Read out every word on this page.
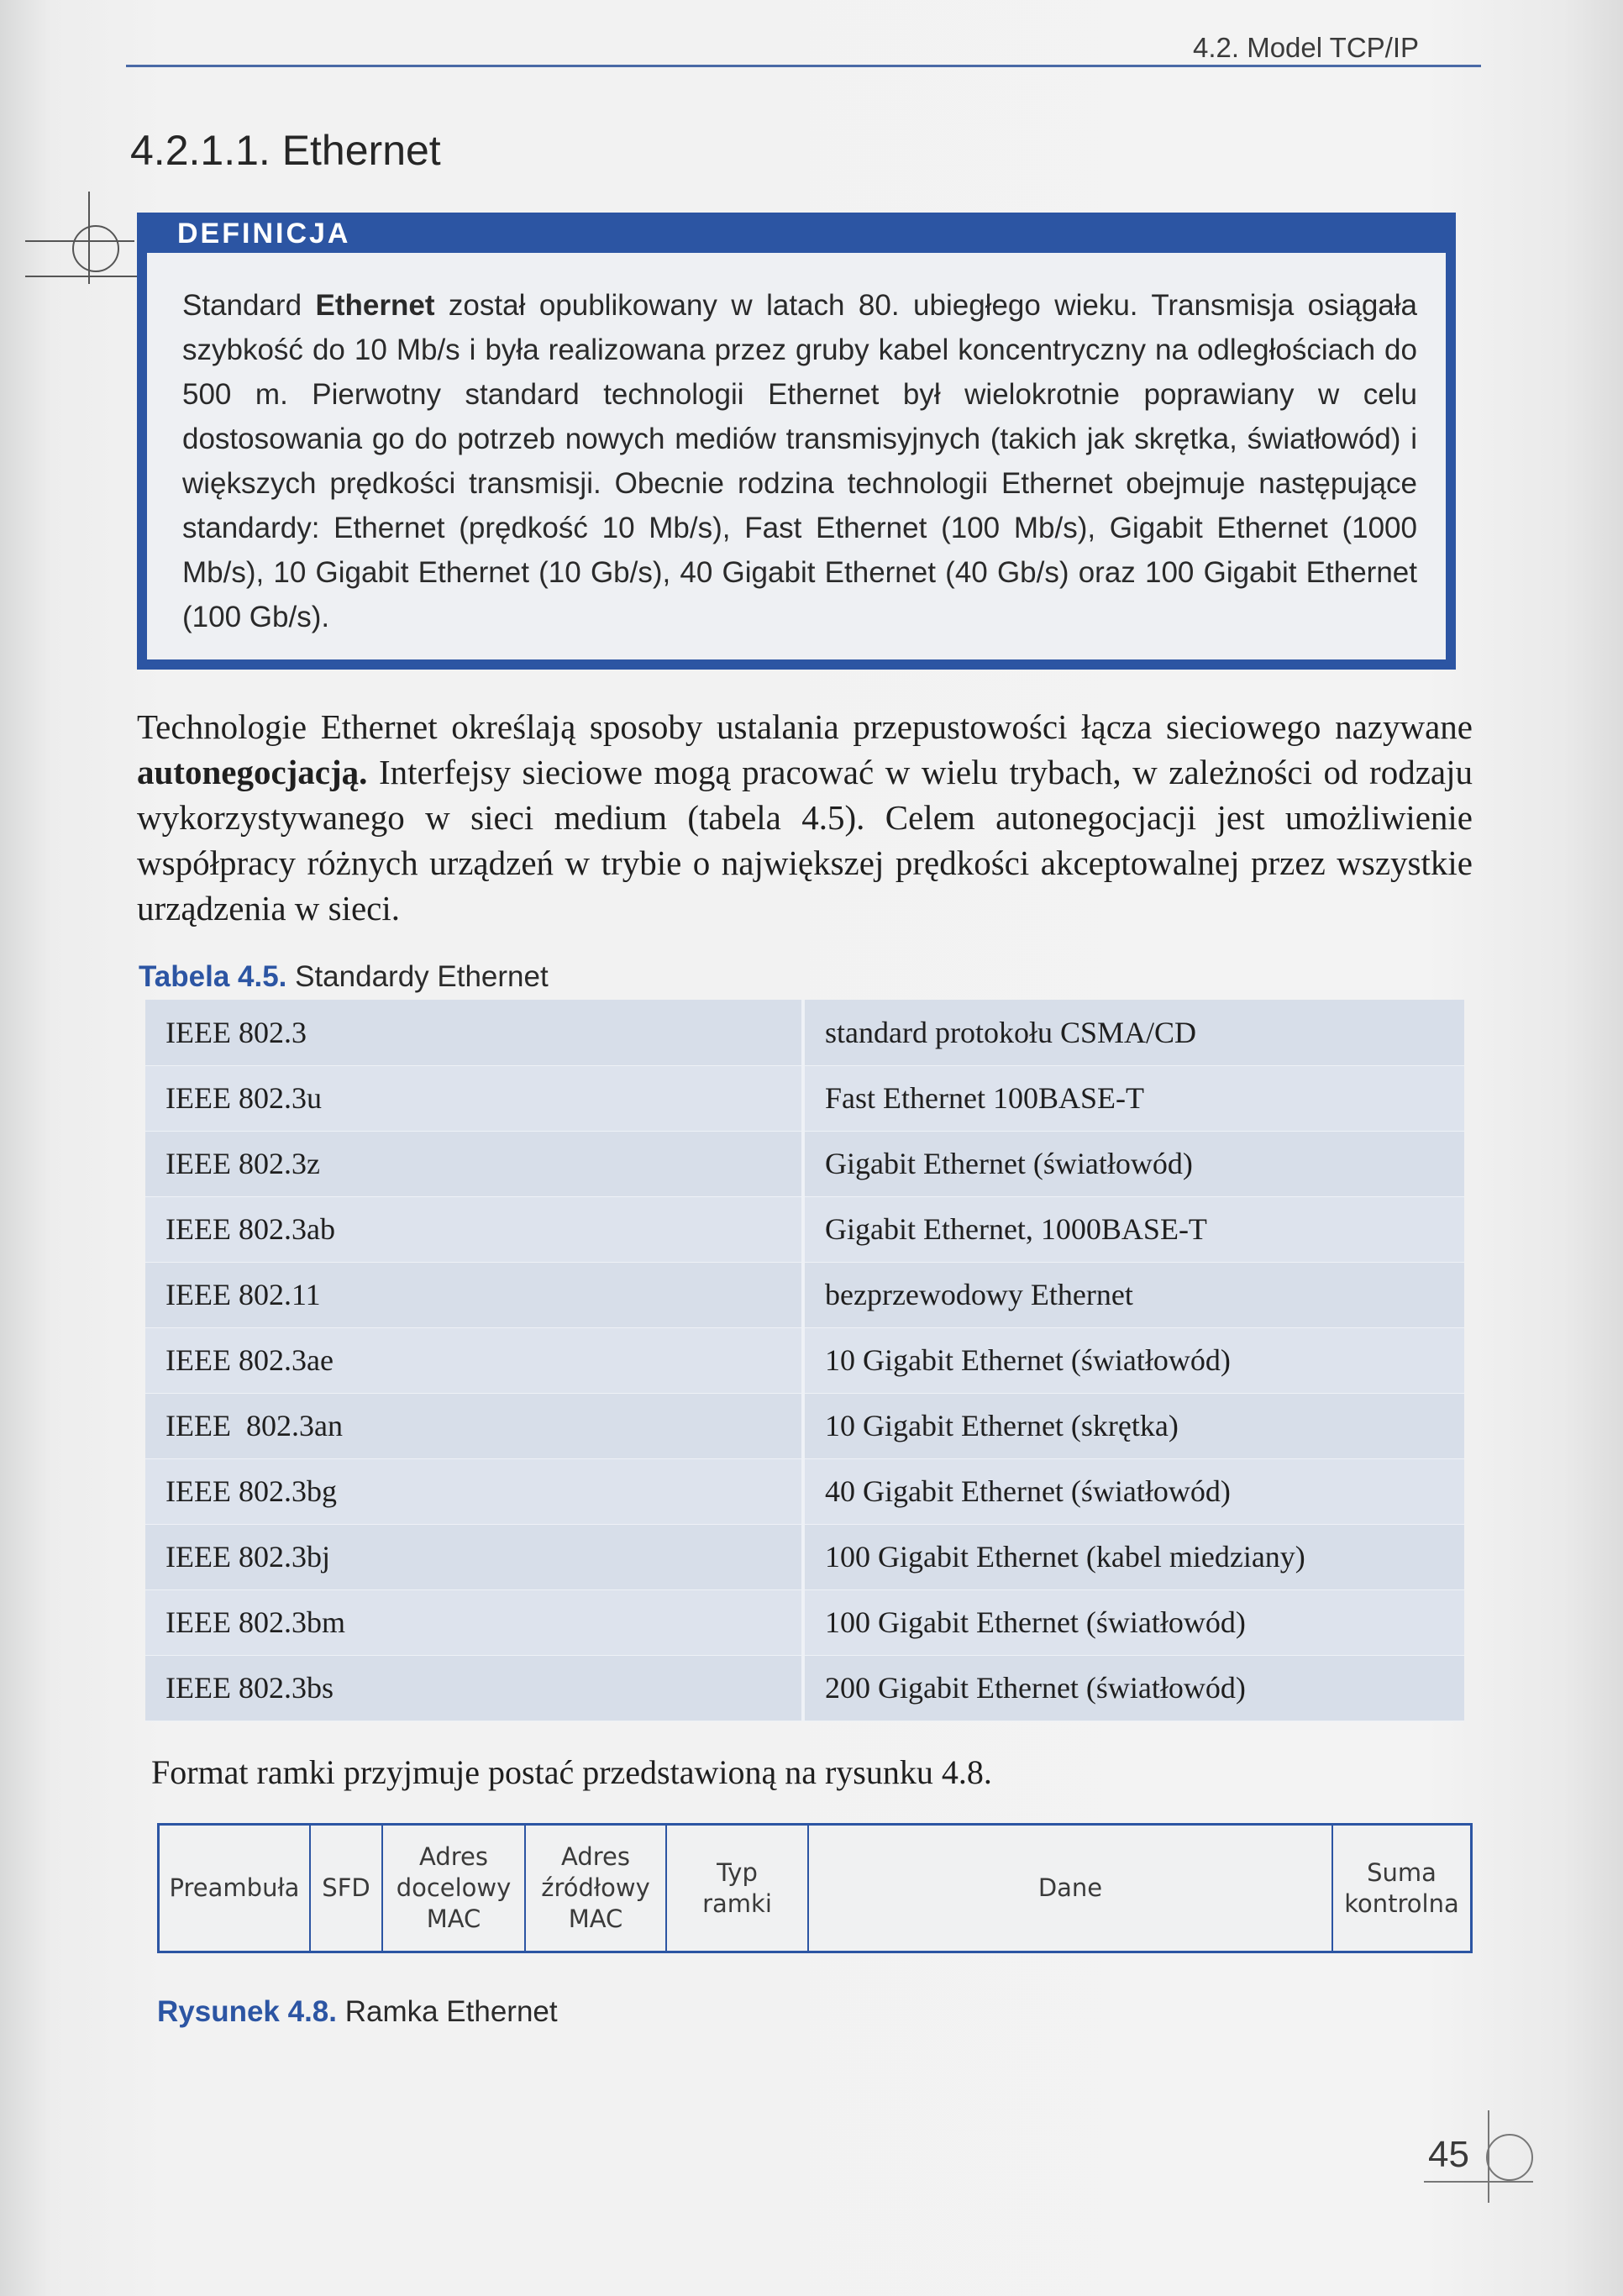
4.2. Model TCP/IP
4.2.1.1. Ethernet
DEFINICJA
Standard Ethernet został opublikowany w latach 80. ubiegłego wieku. Transmisja osiągała szybkość do 10 Mb/s i była realizowana przez gruby kabel koncentryczny na odległościach do 500 m. Pierwotny standard technologii Ethernet był wielokrotnie poprawiany w celu dostosowania go do potrzeb nowych mediów transmisyjnych (takich jak skrętka, światłowód) i większych prędkości transmisji. Obecnie rodzina technologii Ethernet obejmuje następujące standardy: Ethernet (prędkość 10 Mb/s), Fast Ethernet (100 Mb/s), Gigabit Ethernet (1000 Mb/s), 10 Gigabit Ethernet (10 Gb/s), 40 Gigabit Ethernet (40 Gb/s) oraz 100 Gigabit Ethernet (100 Gb/s).
Technologie Ethernet określają sposoby ustalania przepustowości łącza sieciowego nazywane autonegocjacją. Interfejsy sieciowe mogą pracować w wielu trybach, w zależności od rodzaju wykorzystywanego w sieci medium (tabela 4.5). Celem autonegocjacji jest umożliwienie współpracy różnych urządzeń w trybie o największej prędkości akceptowalnej przez wszystkie urządzenia w sieci.
Tabela 4.5. Standardy Ethernet
IEEE 802.3	standard protokołu CSMA/CD
IEEE 802.3u	Fast Ethernet 100BASE-T
IEEE 802.3z	Gigabit Ethernet (światłowód)
IEEE 802.3ab	Gigabit Ethernet, 1000BASE-T
IEEE 802.11	bezprzewodowy Ethernet
IEEE 802.3ae	10 Gigabit Ethernet (światłowód)
IEEE  802.3an	10 Gigabit Ethernet (skrętka)
IEEE 802.3bg	40 Gigabit Ethernet (światłowód)
IEEE 802.3bj	100 Gigabit Ethernet (kabel miedziany)
IEEE 802.3bm	100 Gigabit Ethernet (światłowód)
IEEE 802.3bs	200 Gigabit Ethernet (światłowód)
Format ramki przyjmuje postać przedstawioną na rysunku 4.8.
Preambuła SFD
Adres
docelowy
MAC
Adres
źródłowy
MAC
Typ
ramki
Dane
Suma
kontrolna
Rysunek 4.8. Ramka Ethernet
45
